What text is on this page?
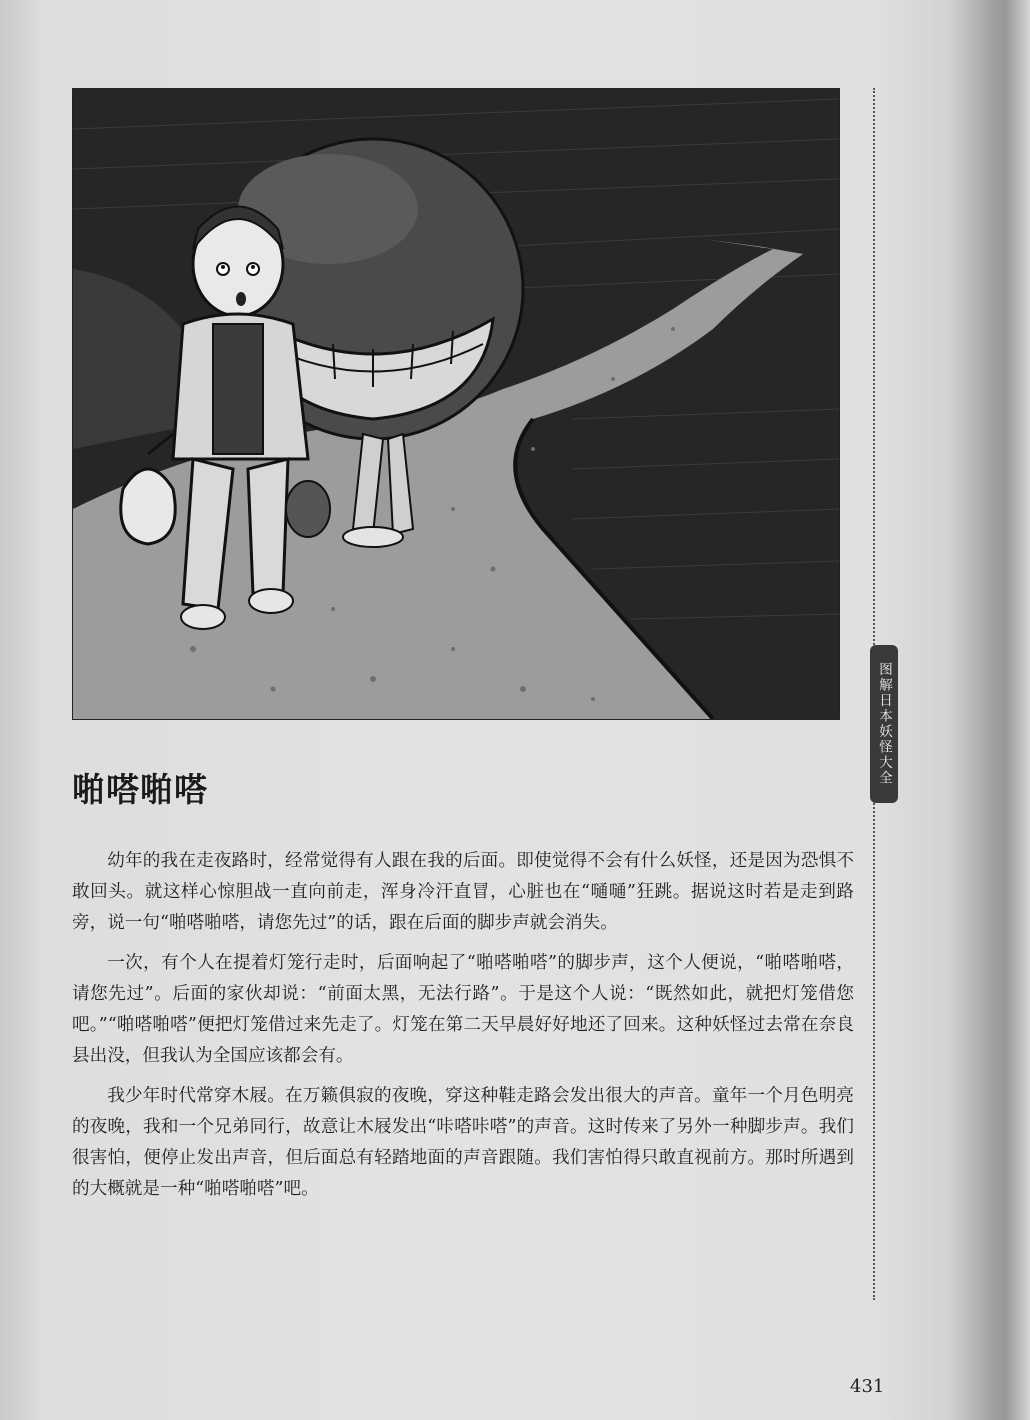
啪嗒啪嗒

幼年的我在走夜路时，经常觉得有人跟在我的后面。即使觉得不会有什么妖怪，还是因为恐惧不敢回头。就这样心惊胆战一直向前走，浑身冷汗直冒，心脏也在“嗵嗵”狂跳。据说这时若是走到路旁，说一句“啪嗒啪嗒，请您先过”的话，跟在后面的脚步声就会消失。

一次，有个人在提着灯笼行走时，后面响起了“啪嗒啪嗒”的脚步声，这个人便说，“啪嗒啪嗒，请您先过”。后面的家伙却说：“前面太黑，无法行路”。于是这个人说：“既然如此，就把灯笼借您吧。”“啪嗒啪嗒”便把灯笼借过来先走了。灯笼在第二天早晨好好地还了回来。这种妖怪过去常在奈良县出没，但我认为全国应该都会有。

我少年时代常穿木屐。在万籁俱寂的夜晚，穿这种鞋走路会发出很大的声音。童年一个月色明亮的夜晚，我和一个兄弟同行，故意让木屐发出“咔嗒咔嗒”的声音。这时传来了另外一种脚步声。我们很害怕，便停止发出声音，但后面总有轻踏地面的声音跟随。我们害怕得只敢直视前方。那时所遇到的大概就是一种“啪嗒啪嗒”吧。

图解日本妖怪大全
431
